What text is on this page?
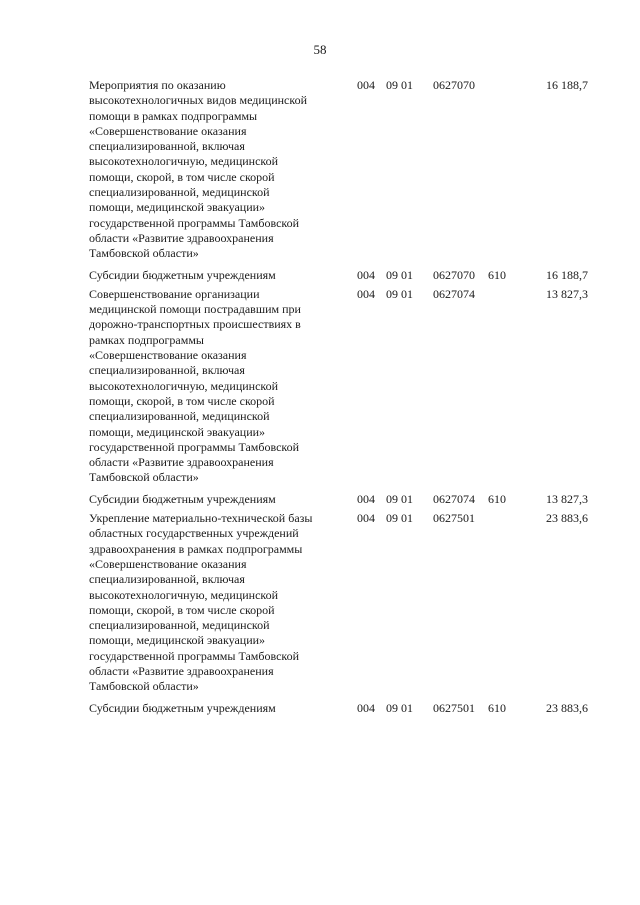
58
Мероприятия по оказанию
высокотехнологичных видов медицинской
помощи в рамках подпрограммы
«Совершенствование оказания
специализированной, включая
высокотехнологичную, медицинской
помощи, скорой, в том числе скорой
специализированной, медицинской
помощи, медицинской эвакуации»
государственной программы Тамбовской
области «Развитие здравоохранения
Тамбовской области»
004 09 01 0627070	16 188,7
Субсидии бюджетным учреждениям	004 09 01 0627070 610	16 188,7
Совершенствование организации
медицинской помощи пострадавшим при
дорожно-транспортных происшествиях в
рамках подпрограммы
«Совершенствование оказания
специализированной, включая
высокотехнологичную, медицинской
помощи, скорой, в том числе скорой
специализированной, медицинской
помощи, медицинской эвакуации»
государственной программы Тамбовской
области «Развитие здравоохранения
Тамбовской области»
004 09 01 0627074	13 827,3
Субсидии бюджетным учреждениям	004 09 01 0627074 610	13 827,3
Укрепление материально-технической базы
областных государственных учреждений
здравоохранения в рамках подпрограммы
«Совершенствование оказания
специализированной, включая
высокотехнологичную, медицинской
помощи, скорой, в том числе скорой
специализированной, медицинской
помощи, медицинской эвакуации»
государственной программы Тамбовской
области «Развитие здравоохранения
Тамбовской области»
004 09 01 0627501	23 883,6
Субсидии бюджетным учреждениям	004 09 01 0627501 610	23 883,6
